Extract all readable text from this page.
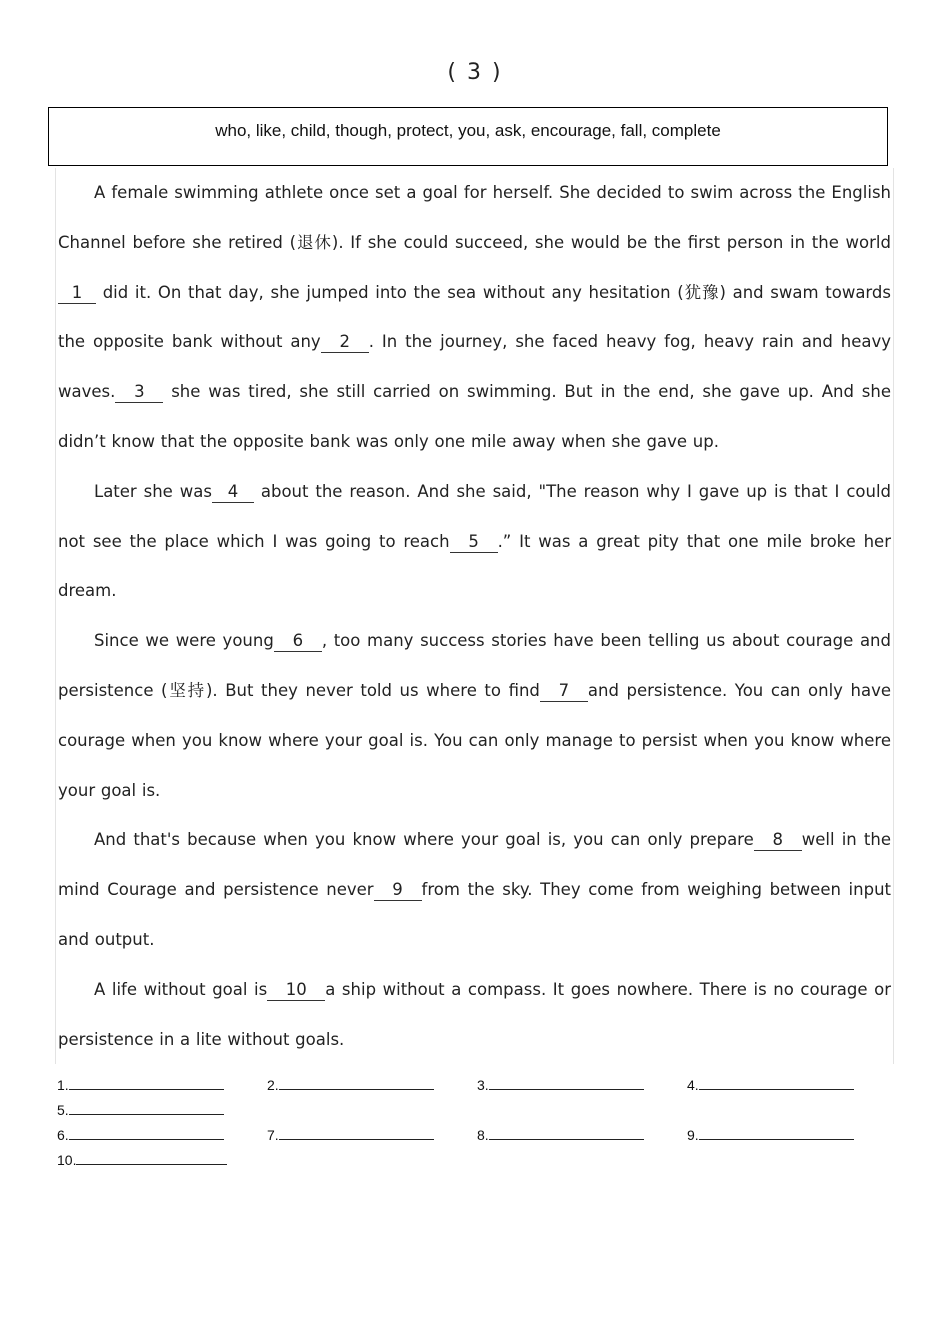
( 3 )
who, like, child, though, protect, you, ask, encourage, fall, complete

A female swimming athlete once set a goal for herself. She decided to swim across the English Channel before she retired (退休). If she could succeed, she would be the first person in the world 1 did it. On that day, she jumped into the sea without any hesitation (犹豫) and swam towards the opposite bank without any 2 . In the journey, she faced heavy fog, heavy rain and heavy waves. 3 she was tired, she still carried on swimming. But in the end, she gave up. And she didn’t know that the opposite bank was only one mile away when she gave up.

Later she was 4 about the reason. And she said, "The reason why I gave up is that I could not see the place which I was going to reach 5 .” It was a great pity that one mile broke her dream.

Since we were young 6 , too many success stories have been telling us about courage and persistence (坚持). But they never told us where to find 7 and persistence. You can only have courage when you know where your goal is. You can only manage to persist when you know where your goal is.

And that's because when you know where your goal is, you can only prepare 8 well in the mind Courage and persistence never 9 from the sky. They come from weighing between input and output.

A life without goal is 10 a ship without a compass. It goes nowhere. There is no courage or persistence in a lite without goals.

1.	2.	3.	4.
5.
6.	7.	8.	9.
10.
